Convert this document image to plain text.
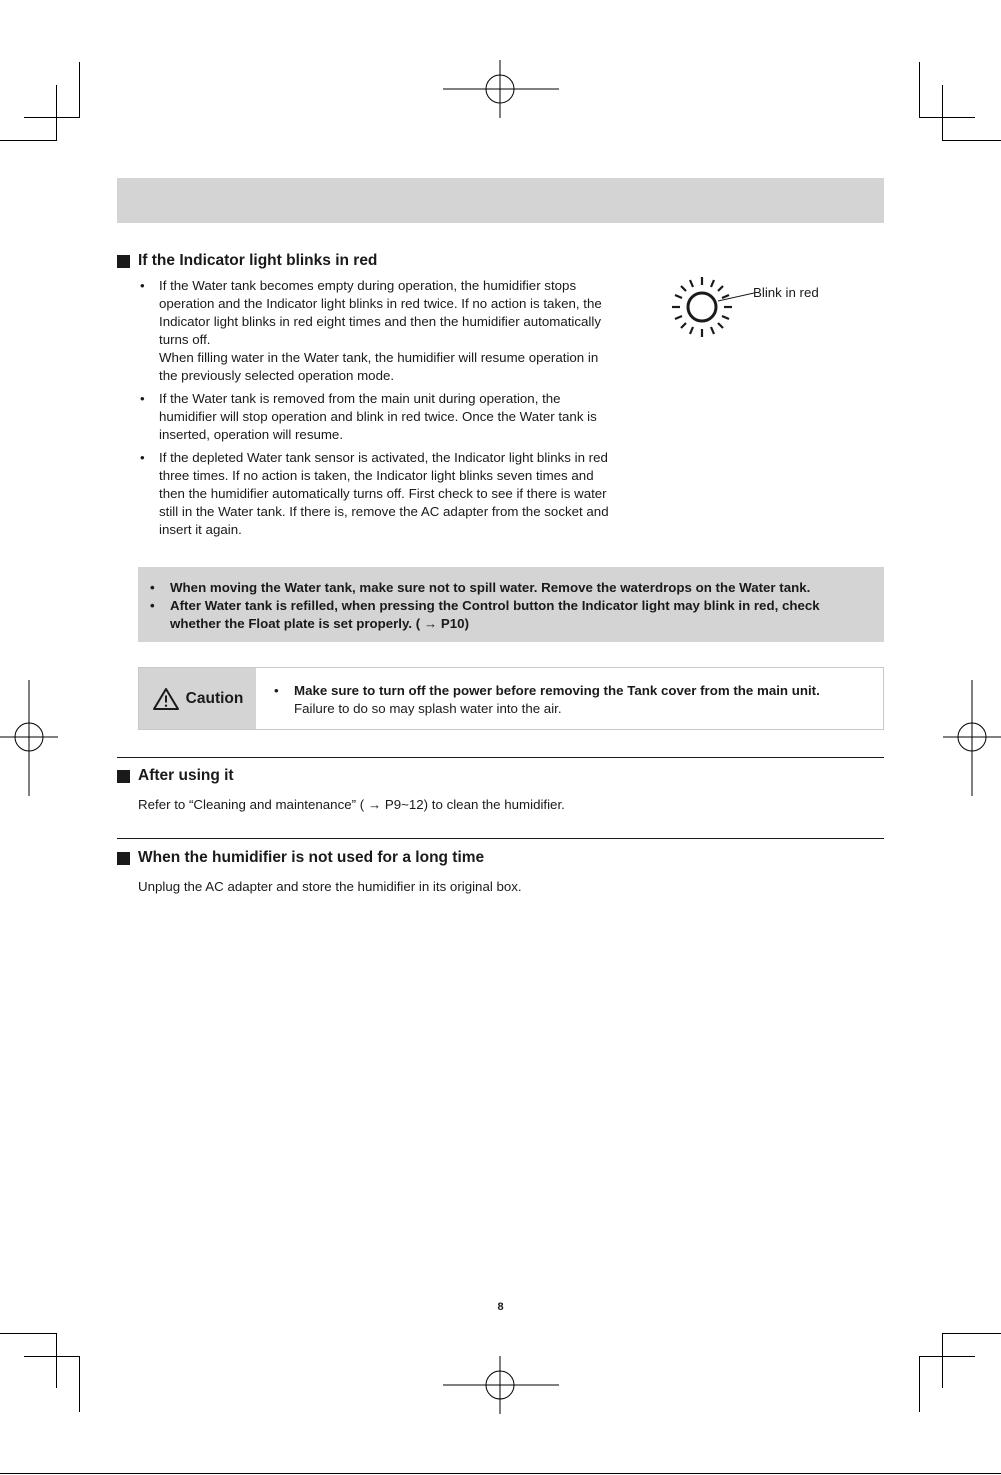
If the Indicator light blinks in red
• If the Water tank becomes empty during operation, the humidifier stops operation and the Indicator light blinks in red twice. If no action is taken, the Indicator light blinks in red eight times and then the humidifier automatically turns off.
When filling water in the Water tank, the humidifier will resume operation in the previously selected operation mode.
• If the Water tank is removed from the main unit during operation, the humidifier will stop operation and blink in red twice. Once the Water tank is inserted, operation will resume.
• If the depleted Water tank sensor is activated, the Indicator light blinks in red three times. If no action is taken, the Indicator light blinks seven times and then the humidifier automatically turns off. First check to see if there is water still in the Water tank. If there is, remove the AC adapter from the socket and insert it again.
Blink in red
• When moving the Water tank, make sure not to spill water. Remove the waterdrops on the Water tank.
• After Water tank is refilled, when pressing the Control button the Indicator light may blink in red, check whether the Float plate is set properly. ( → P10)
Caution • Make sure to turn off the power before removing the Tank cover from the main unit.
Failure to do so may splash water into the air.
After using it
Refer to “Cleaning and maintenance” ( → P9~12) to clean the humidifier.
When the humidifier is not used for a long time
Unplug the AC adapter and store the humidifier in its original box.
8
